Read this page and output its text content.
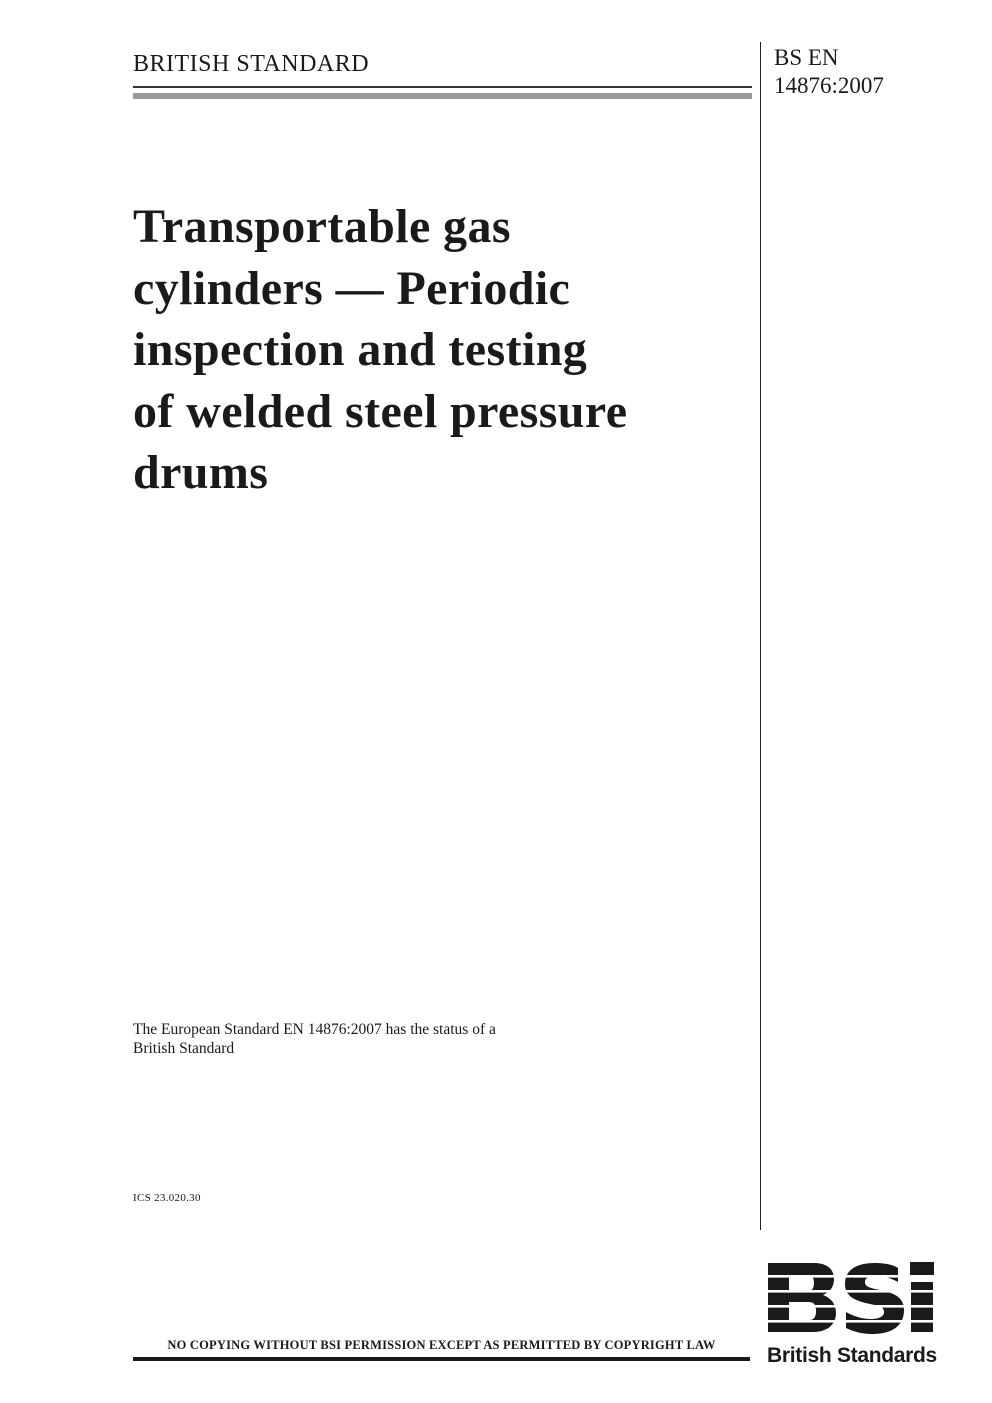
BRITISH STANDARD	BS EN
14876:2007
Transportable gas
cylinders — Periodic
inspection and testing
of welded steel pressure
drums
The European Standard EN 14876:2007 has the status of a
British Standard
ICS 23.020.30
NO COPYING WITHOUT BSI PERMISSION EXCEPT AS PERMITTED BY COPYRIGHT LAW	British Standards
